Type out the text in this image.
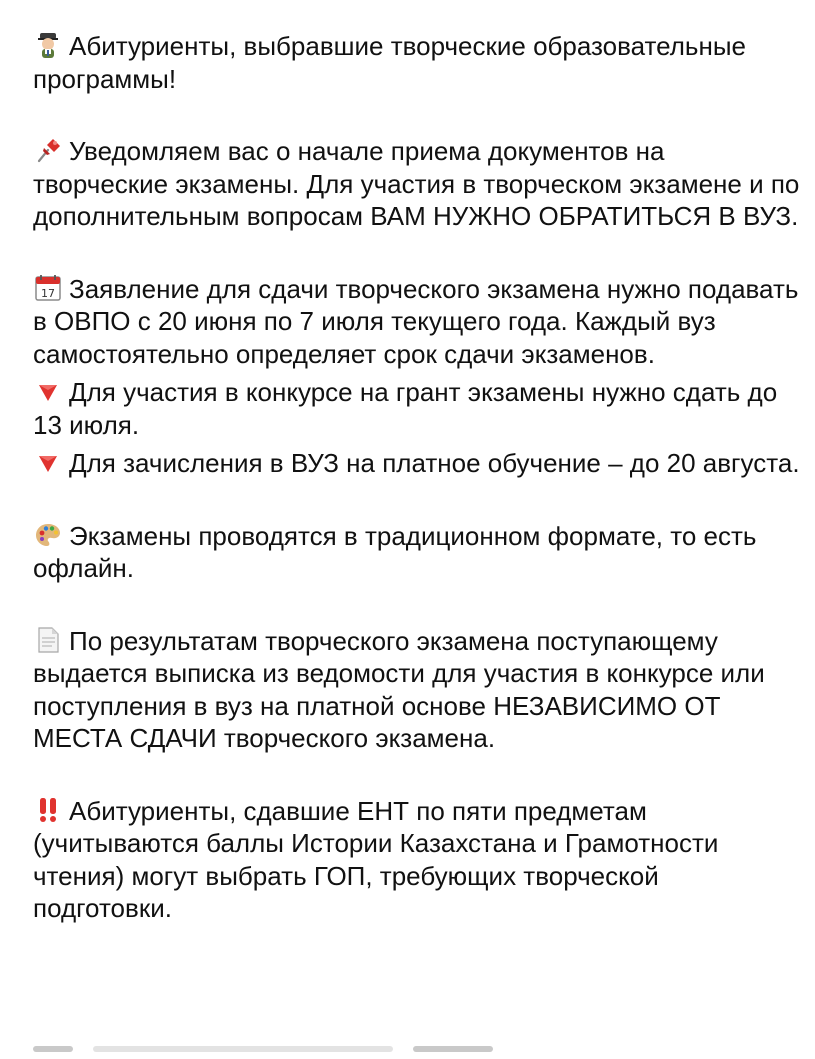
Абитуриенты, выбравшие творческие образовательные программы!

Уведомляем вас о начале приема документов на творческие экзамены. Для участия в творческом экзамене и по дополнительным вопросам ВАМ НУЖНО ОБРАТИТЬСЯ В ВУЗ.

17 Заявление для сдачи творческого экзамена нужно подавать в ОВПО с 20 июня по 7 июля текущего года. Каждый вуз самостоятельно определяет срок сдачи экзаменов.

Для участия в конкурсе на грант экзамены нужно сдать до 13 июля.

Для зачисления в ВУЗ на платное обучение – до 20 августа.

Экзамены проводятся в традиционном формате, то есть офлайн.

По результатам творческого экзамена поступающему выдается выписка из ведомости для участия в конкурсе или поступления в вуз на платной основе НЕЗАВИСИМО ОТ МЕСТА СДАЧИ творческого экзамена.

Абитуриенты, сдавшие ЕНТ по пяти предметам (учитываются баллы Истории Казахстана и Грамотности чтения) могут выбрать ГОП, требующих творческой подготовки.
